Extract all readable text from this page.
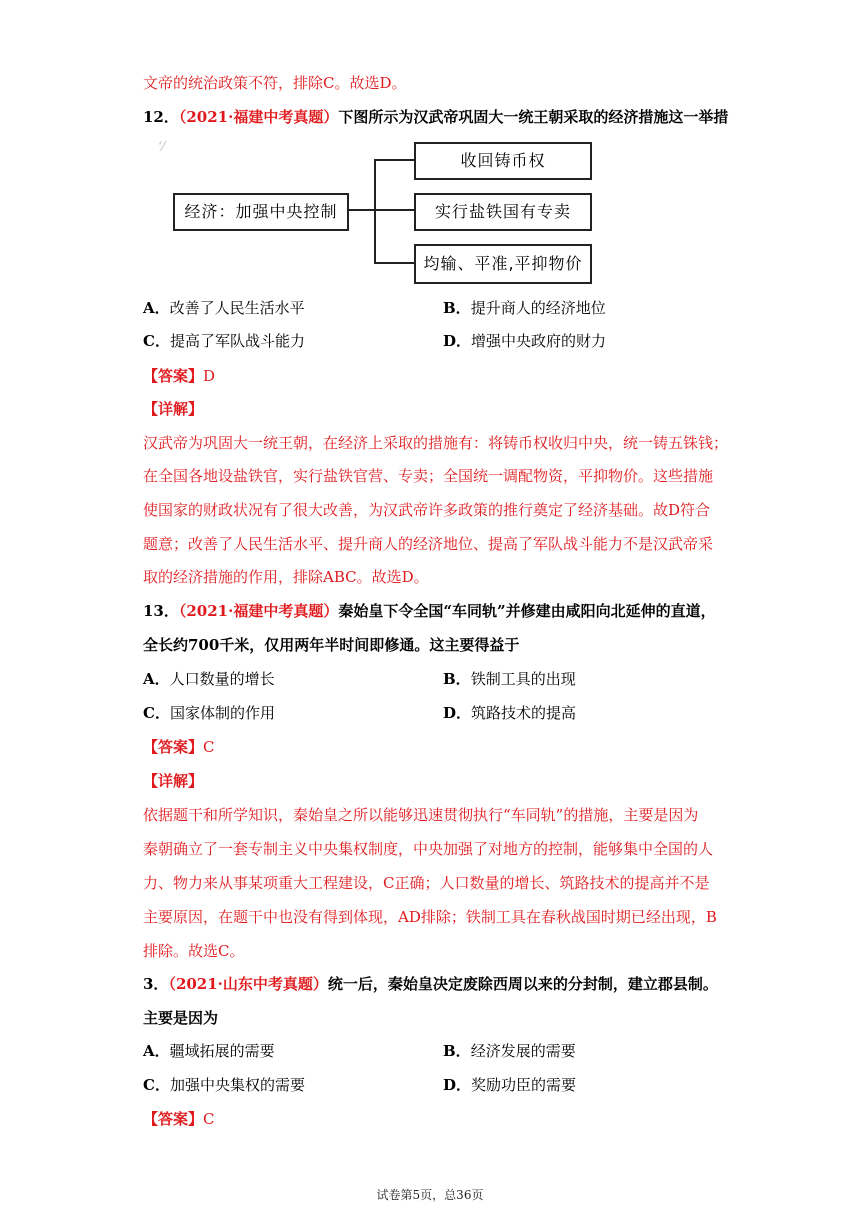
文帝的统治政策不符，排除C。故选D。
12．（2021·福建中考真题）下图所示为汉武帝巩固大一统王朝采取的经济措施这一举措
ʻ⁄
经济：加强中央控制
收回铸币权
实行盐铁国有专卖
均输、平准,平抑物价
A．改善了人民生活水平	B．提升商人的经济地位
C．提高了军队战斗能力	D．增强中央政府的财力
【答案】D
【详解】
汉武帝为巩固大一统王朝，在经济上采取的措施有：将铸币权收归中央，统一铸五铢钱；
在全国各地设盐铁官，实行盐铁官营、专卖；全国统一调配物资，平抑物价。这些措施
使国家的财政状况有了很大改善，为汉武帝许多政策的推行奠定了经济基础。故D符合
题意；改善了人民生活水平、提升商人的经济地位、提高了军队战斗能力不是汉武帝采
取的经济措施的作用，排除ABC。故选D。
13．（2021·福建中考真题）秦始皇下令全国“车同轨”并修建由咸阳向北延伸的直道，
全长约700千米，仅用两年半时间即修通。这主要得益于
A．人口数量的增长	B．铁制工具的出现
C．国家体制的作用	D．筑路技术的提高
【答案】C
【详解】
依据题干和所学知识，秦始皇之所以能够迅速贯彻执行“车同轨”的措施，主要是因为
秦朝确立了一套专制主义中央集权制度，中央加强了对地方的控制，能够集中全国的人
力、物力来从事某项重大工程建设，C正确；人口数量的增长、筑路技术的提高并不是
主要原因，在题干中也没有得到体现，AD排除；铁制工具在春秋战国时期已经出现，B
排除。故选C。
3．（2021·山东中考真题）统一后，秦始皇决定废除西周以来的分封制，建立郡县制。
主要是因为
A．疆域拓展的需要	B．经济发展的需要
C．加强中央集权的需要	D．奖励功臣的需要
【答案】C
试卷第5页，总36页
